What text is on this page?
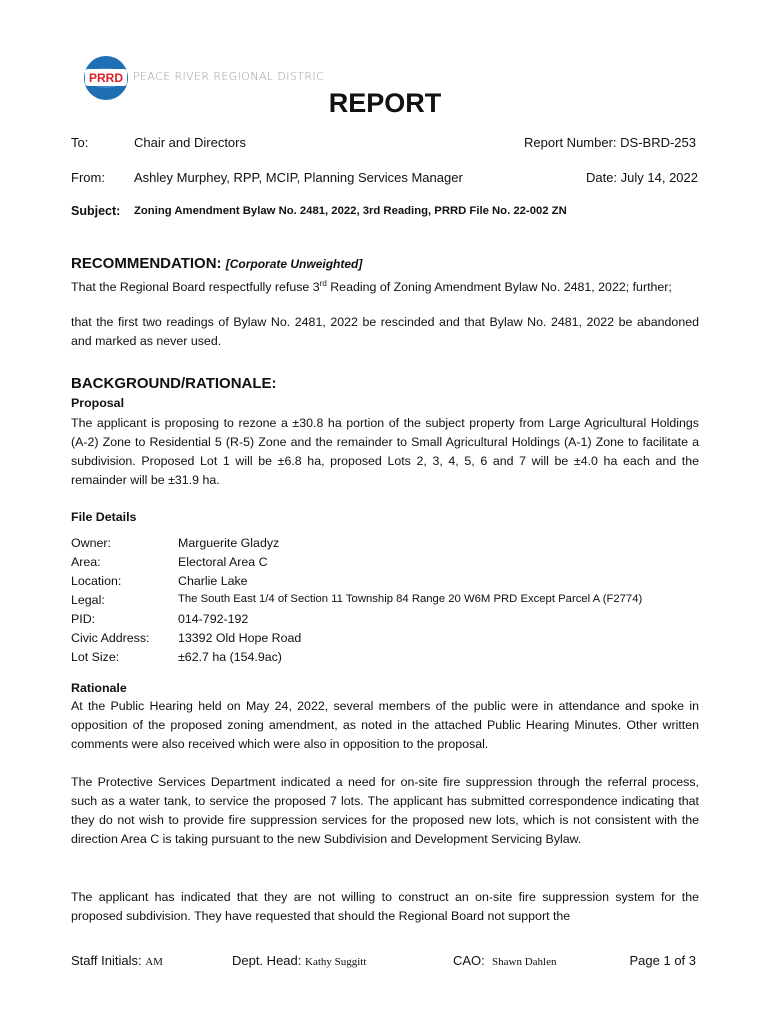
PRRD PEACE RIVER REGIONAL DISTRIC
REPORT
To:	Chair and Directors	Report Number: DS-BRD-253
From: Ashley Murphey, RPP, MCIP, Planning Services Manager	Date: July 14, 2022
Subject: Zoning Amendment Bylaw No. 2481, 2022, 3rd Reading, PRRD File No. 22-002 ZN
RECOMMENDATION: [Corporate Unweighted]

That the Regional Board respectfully refuse 3rd Reading of Zoning Amendment Bylaw No. 2481, 2022; further;

that the first two readings of Bylaw No. 2481, 2022 be rescinded and that Bylaw No. 2481, 2022 be abandoned and marked as never used.

BACKGROUND/RATIONALE:
Proposal

The applicant is proposing to rezone a ±30.8 ha portion of the subject property from Large Agricultural Holdings (A-2) Zone to Residential 5 (R-5) Zone and the remainder to Small Agricultural Holdings (A-1) Zone to facilitate a subdivision. Proposed Lot 1 will be ±6.8 ha, proposed Lots 2, 3, 4, 5, 6 and 7 will be ±4.0 ha each and the remainder will be ±31.9 ha.

File Details
Owner:	Marguerite Gladyz
Area:	Electoral Area C
Location:	Charlie Lake
Legal:	The South East 1/4 of Section 11 Township 84 Range 20 W6M PRD Except Parcel A (F2774)
PID:	014-792-192
Civic Address:	13392 Old Hope Road
Lot Size:	±62.7 ha (154.9ac)
Rationale

At the Public Hearing held on May 24, 2022, several members of the public were in attendance and spoke in opposition of the proposed zoning amendment, as noted in the attached Public Hearing Minutes. Other written comments were also received which were also in opposition to the proposal.

The Protective Services Department indicated a need for on-site fire suppression through the referral process, such as a water tank, to service the proposed 7 lots. The applicant has submitted correspondence indicating that they do not wish to provide fire suppression services for the proposed new lots, which is not consistent with the direction Area C is taking pursuant to the new Subdivision and Development Servicing Bylaw.

The applicant has indicated that they are not willing to construct an on-site fire suppression system for the proposed subdivision. They have requested that should the Regional Board not support the

Staff Initials: AM	Dept. Head: Kathy Suggitt	CAO: Shawn Dahlen	Page 1 of 3
